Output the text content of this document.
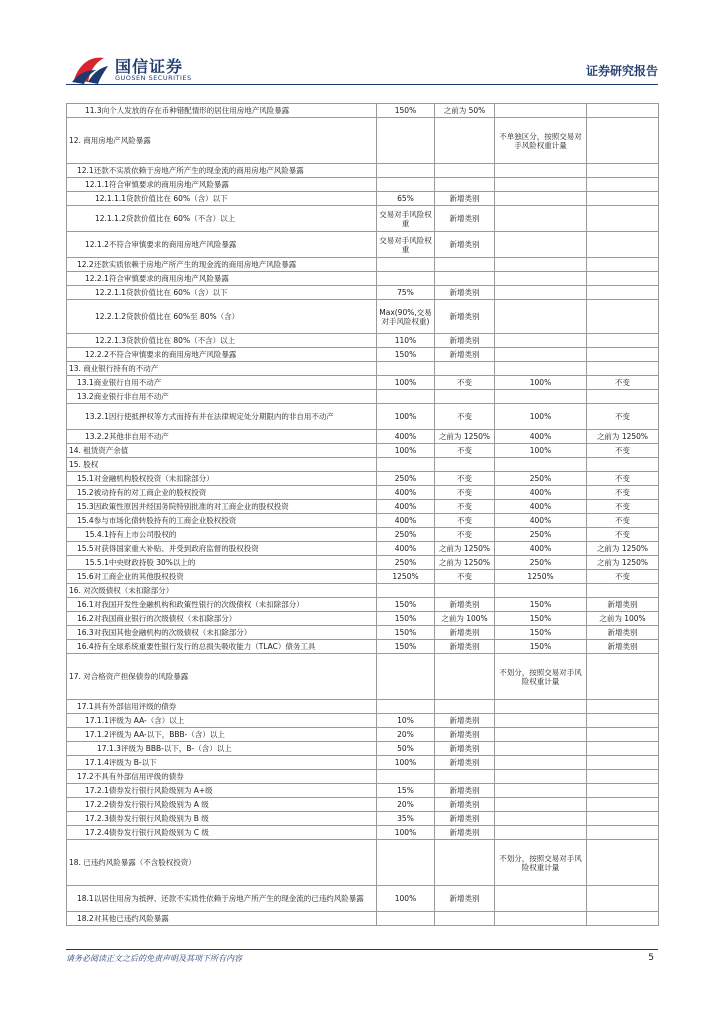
国信证券
GUOSEN SECURITIES	证券研究报告
11.3向个人发放的存在币种错配情形的居住用房地产风险暴露	150%	之前为 50%		
12. 商用房地产风险暴露			不单独区分，按照交易对手风险权重计量	
12.1还款不实质依赖于房地产所产生的现金流的商用房地产风险暴露				
12.1.1符合审慎要求的商用房地产风险暴露				
12.1.1.1贷款价值比在 60%（含）以下	65%	新增类别		
12.1.1.2贷款价值比在 60%（不含）以上	交易对手风险权重	新增类别		
12.1.2不符合审慎要求的商用房地产风险暴露	交易对手风险权重	新增类别		
12.2还款实质依赖于房地产所产生的现金流的商用房地产风险暴露				
12.2.1符合审慎要求的商用房地产风险暴露				
12.2.1.1贷款价值比在 60%（含）以下	75%	新增类别		
12.2.1.2贷款价值比在 60%至 80%（含）	Max(90%,交易对手风险权重)	新增类别		
12.2.1.3贷款价值比在 80%（不含）以上	110%	新增类别		
12.2.2不符合审慎要求的商用房地产风险暴露	150%	新增类别		
13. 商业银行持有的不动产				
13.1商业银行自用不动产	100%	不变	100%	不变
13.2商业银行非自用不动产				
13.2.1因行使抵押权等方式而持有并在法律规定处分期限内的非自用不动产	100%	不变	100%	不变
13.2.2其他非自用不动产	400%	之前为 1250%	400%	之前为 1250%
14. 租赁资产余值	100%	不变	100%	不变
15. 股权				
15.1对金融机构股权投资（未扣除部分）	250%	不变	250%	不变
15.2被动持有的对工商企业的股权投资	400%	不变	400%	不变
15.3因政策性原因并经国务院特别批准的对工商企业的股权投资	400%	不变	400%	不变
15.4参与市场化债转股持有的工商企业股权投资	400%	不变	400%	不变
15.4.1持有上市公司股权的	250%	不变	250%	不变
15.5对获得国家重大补贴、并受到政府监督的股权投资	400%	之前为 1250%	400%	之前为 1250%
15.5.1中央财政持股 30%以上的	250%	之前为 1250%	250%	之前为 1250%
15.6对工商企业的其他股权投资	1250%	不变	1250%	不变
16. 对次级债权（未扣除部分）				
16.1对我国开发性金融机构和政策性银行的次级债权（未扣除部分）	150%	新增类别	150%	新增类别
16.2对我国商业银行的次级债权（未扣除部分）	150%	之前为 100%	150%	之前为 100%
16.3对我国其他金融机构的次级债权（未扣除部分）	150%	新增类别	150%	新增类别
16.4持有全球系统重要性银行发行的总损失吸收能力（TLAC）债务工具	150%	新增类别	150%	新增类别
17. 对合格资产担保债券的风险暴露			不划分，按照交易对手风险权重计量	
17.1具有外部信用评级的债券				
17.1.1评级为 AA-（含）以上	10%	新增类别		
17.1.2评级为 AA-以下，BBB-（含）以上	20%	新增类别		
17.1.3评级为 BBB-以下，B-（含）以上	50%	新增类别		
17.1.4评级为 B-以下	100%	新增类别		
17.2不具有外部信用评级的债券				
17.2.1债券发行银行风险级别为 A+级	15%	新增类别		
17.2.2债券发行银行风险级别为 A 级	20%	新增类别		
17.2.3债券发行银行风险级别为 B 级	35%	新增类别		
17.2.4债券发行银行风险级别为 C 级	100%	新增类别		
18. 已违约风险暴露（不含股权投资）			不划分，按照交易对手风险权重计量	
18.1以居住用房为抵押、还款不实质性依赖于房地产所产生的现金流的已违约风险暴露	100%	新增类别		
18.2对其他已违约风险暴露				
请务必阅读正文之后的免责声明及其项下所有内容	5
